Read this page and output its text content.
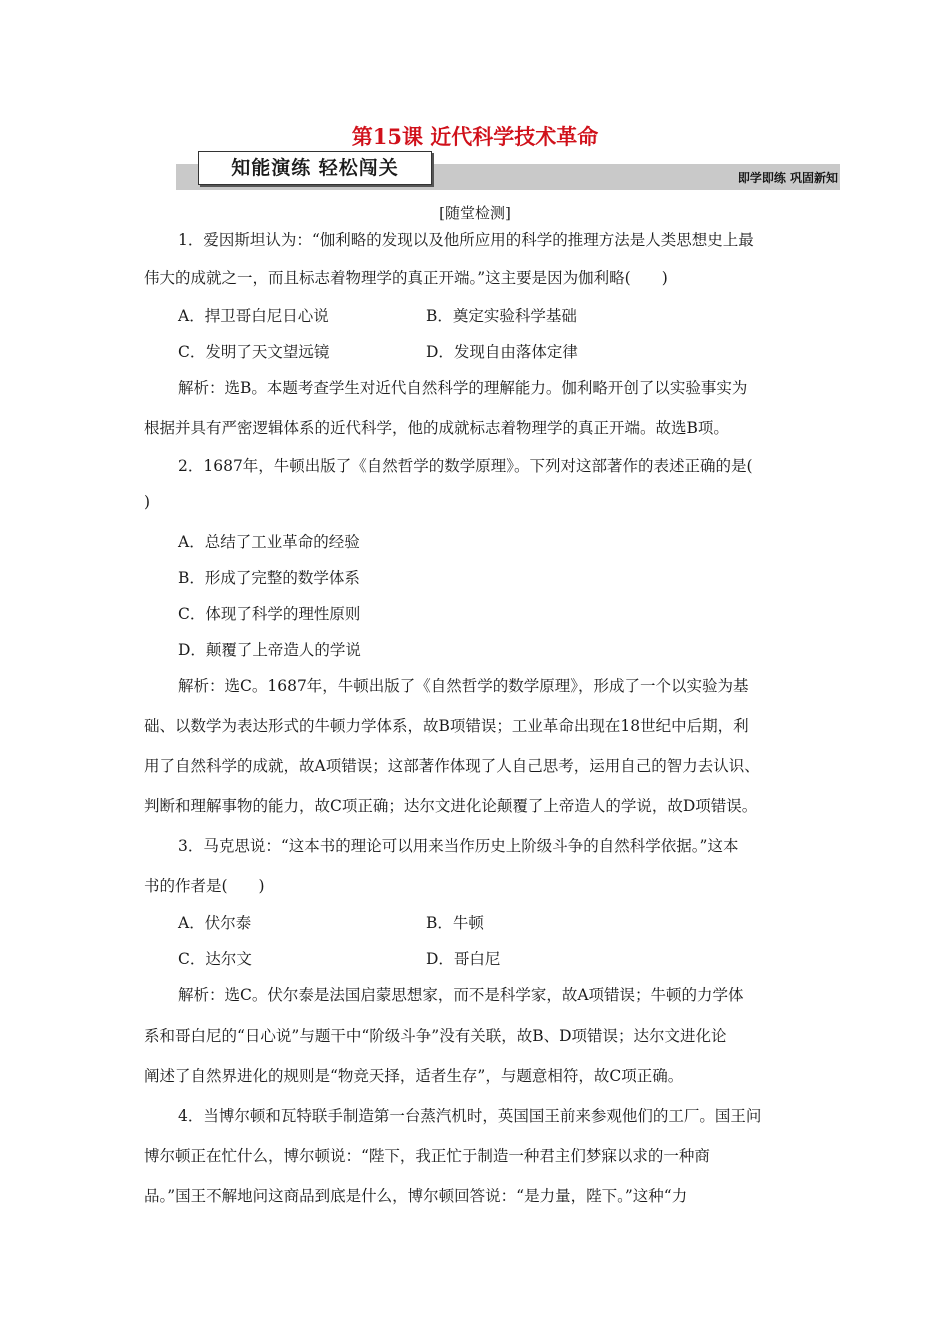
第15课 近代科学技术革命
知能演练 轻松闯关	即学即练 巩固新知
[随堂检测]
1．爱因斯坦认为：“伽利略的发现以及他所应用的科学的推理方法是人类思想史上最
伟大的成就之一，而且标志着物理学的真正开端。”这主要是因为伽利略(　　)
A．捍卫哥白尼日心说	B．奠定实验科学基础
C．发明了天文望远镜	D．发现自由落体定律
解析：选B。本题考查学生对近代自然科学的理解能力。伽利略开创了以实验事实为
根据并具有严密逻辑体系的近代科学，他的成就标志着物理学的真正开端。故选B项。
2．1687年，牛顿出版了《自然哲学的数学原理》。下列对这部著作的表述正确的是(
)
A．总结了工业革命的经验
B．形成了完整的数学体系
C．体现了科学的理性原则
D．颠覆了上帝造人的学说
解析：选C。1687年，牛顿出版了《自然哲学的数学原理》，形成了一个以实验为基
础、以数学为表达形式的牛顿力学体系，故B项错误；工业革命出现在18世纪中后期，利
用了自然科学的成就，故A项错误；这部著作体现了人自己思考，运用自己的智力去认识、
判断和理解事物的能力，故C项正确；达尔文进化论颠覆了上帝造人的学说，故D项错误。
3．马克思说：“这本书的理论可以用来当作历史上阶级斗争的自然科学依据。”这本
书的作者是(　　)
A．伏尔泰	B．牛顿
C．达尔文	D．哥白尼
解析：选C。伏尔泰是法国启蒙思想家，而不是科学家，故A项错误；牛顿的力学体
系和哥白尼的“日心说”与题干中“阶级斗争”没有关联，故B、D项错误；达尔文进化论
阐述了自然界进化的规则是“物竞天择，适者生存”，与题意相符，故C项正确。
4．当博尔顿和瓦特联手制造第一台蒸汽机时，英国国王前来参观他们的工厂。国王问
博尔顿正在忙什么，博尔顿说：“陛下，我正忙于制造一种君主们梦寐以求的一种商
品。”国王不解地问这商品到底是什么，博尔顿回答说：“是力量，陛下。”这种“力
